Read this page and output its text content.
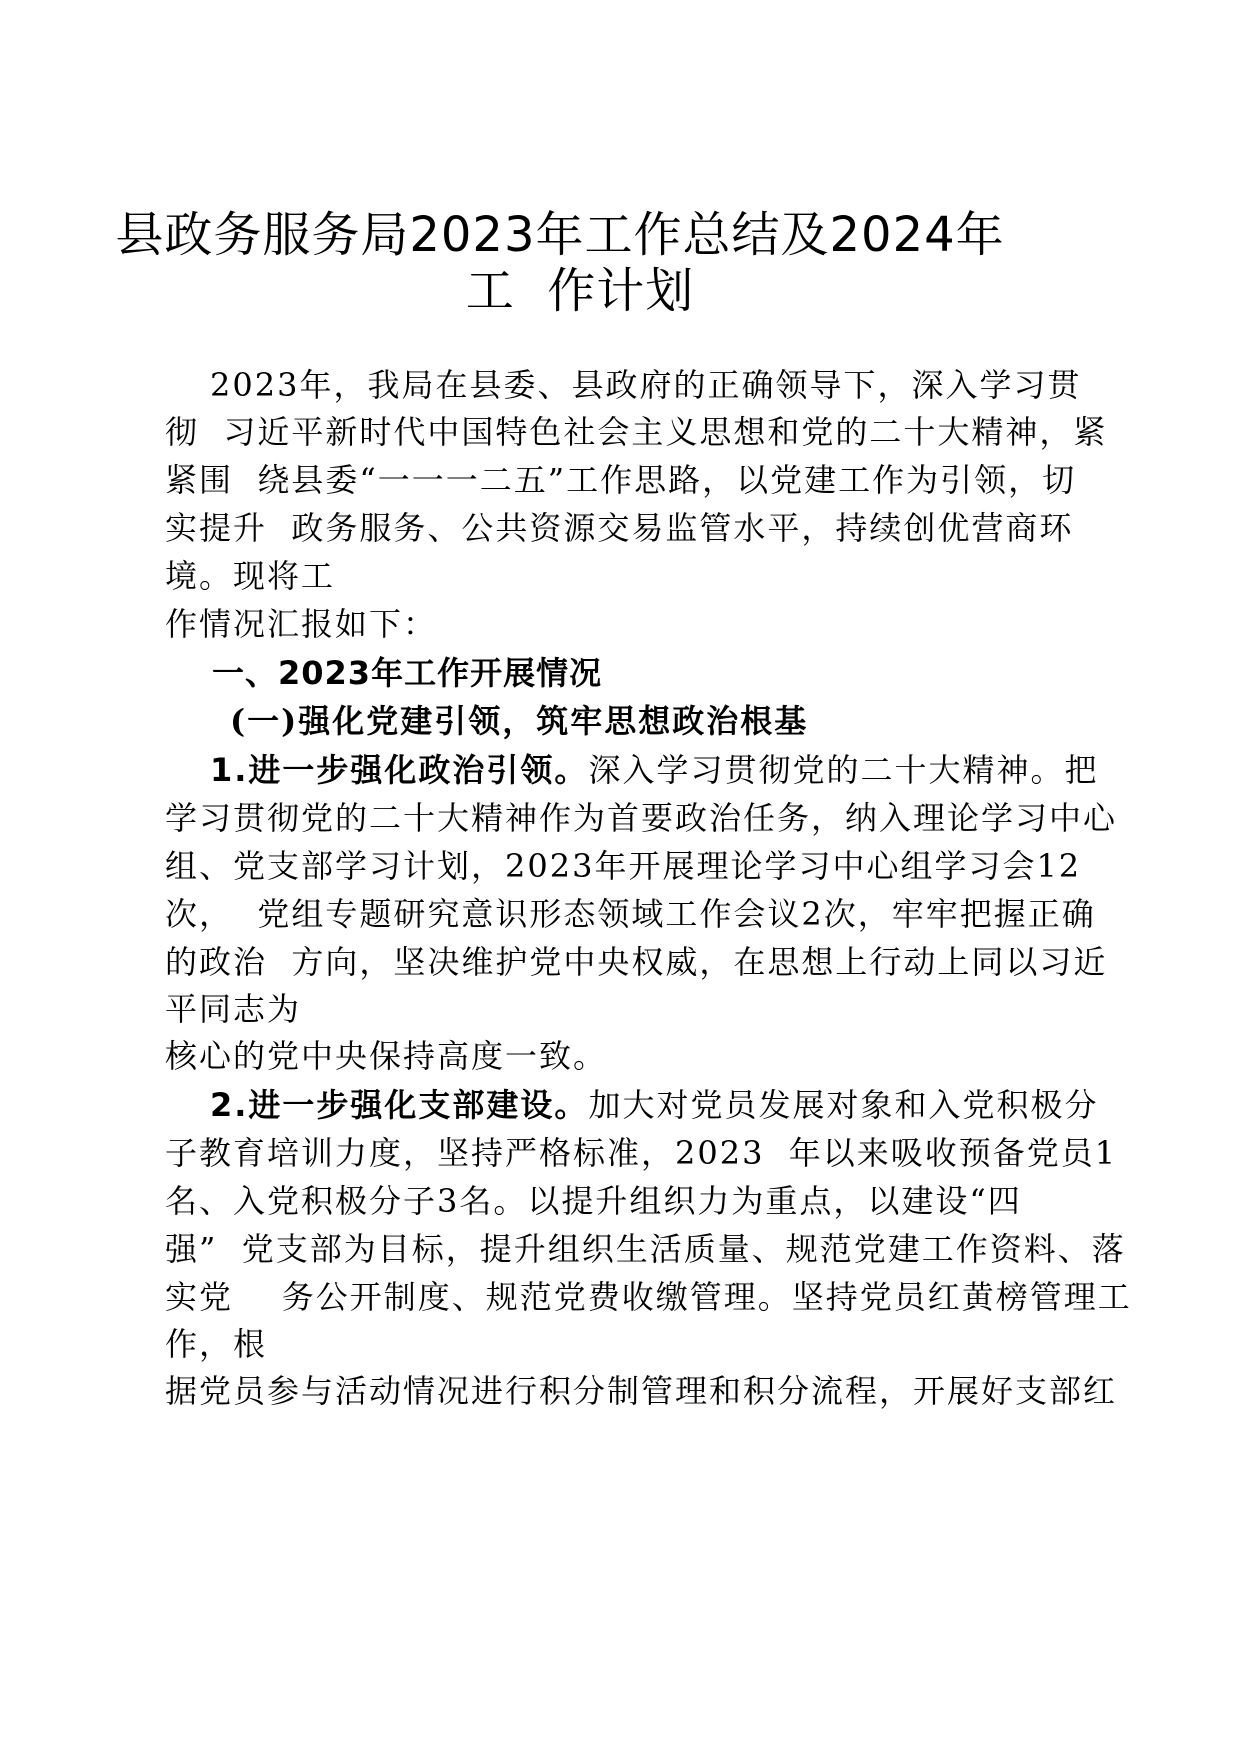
县政务服务局2023年工作总结及2024年
工  作计划
2023年，我局在县委、县政府的正确领导下，深入学习贯
彻  习近平新时代中国特色社会主义思想和党的二十大精神，紧
紧围  绕县委“一一一二五”工作思路，以党建工作为引领，切
实提升  政务服务、公共资源交易监管水平，持续创优营商环
境。现将工
作情况汇报如下：
一、2023年工作开展情况
(一)强化党建引领，筑牢思想政治根基
1.进一步强化政治引领。深入学习贯彻党的二十大精神。把
学习贯彻党的二十大精神作为首要政治任务，纳入理论学习中心
组、党支部学习计划，2023年开展理论学习中心组学习会12
次，  党组专题研究意识形态领域工作会议2次，牢牢把握正确
的政治  方向，坚决维护党中央权威，在思想上行动上同以习近
平同志为
核心的党中央保持高度一致。
2.进一步强化支部建设。加大对党员发展对象和入党积极分
子教育培训力度，坚持严格标准，2023  年以来吸收预备党员1
名、入党积极分子3名。以提升组织力为重点，以建设“四
强”  党支部为目标，提升组织生活质量、规范党建工作资料、落
实党    务公开制度、规范党费收缴管理。坚持党员红黄榜管理工
作，根
据党员参与活动情况进行积分制管理和积分流程，开展好支部红
